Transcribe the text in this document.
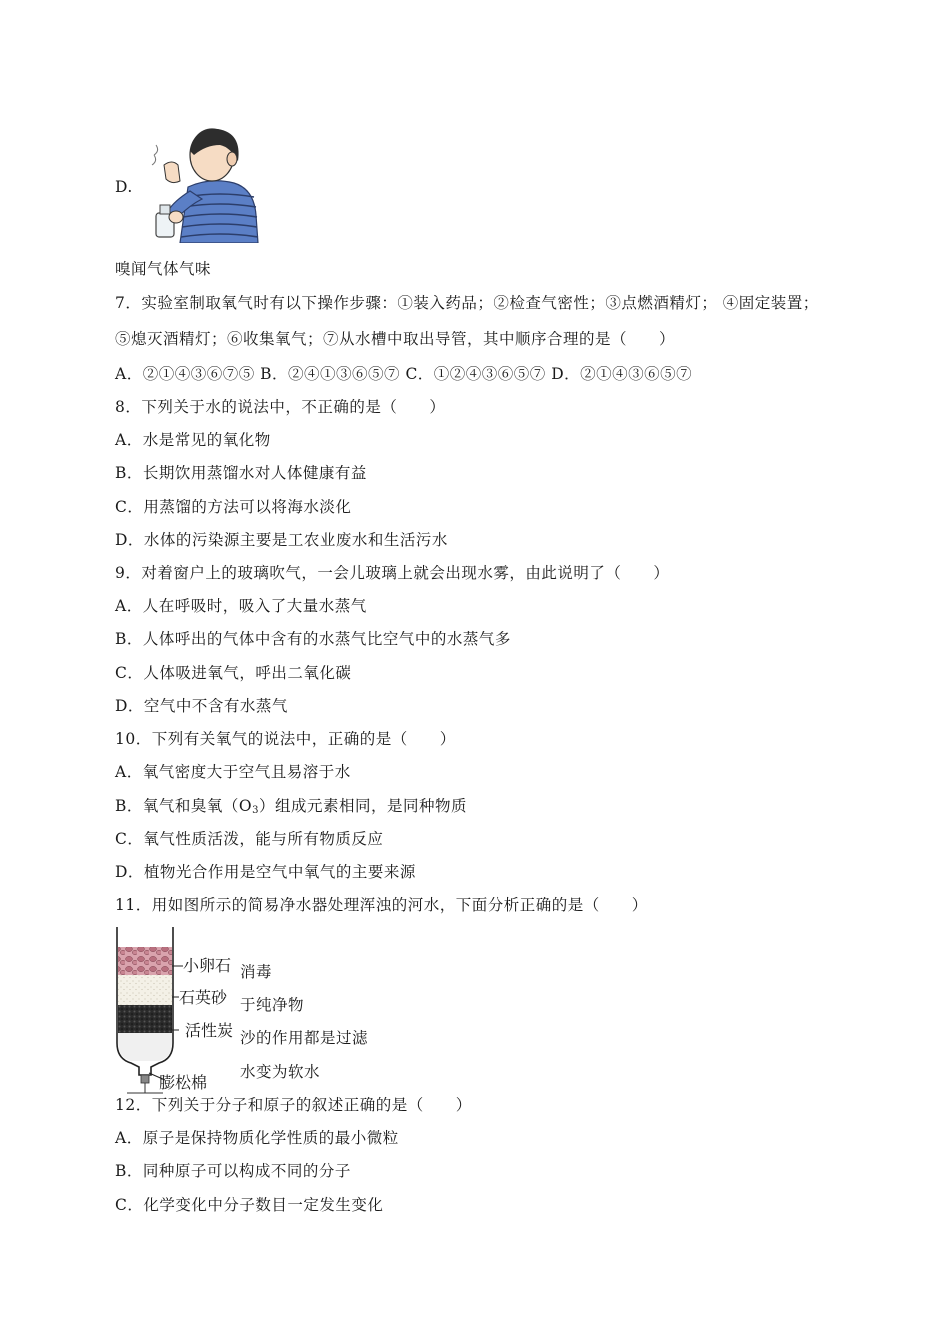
D.
嗅闻气体气味
7．实验室制取氧气时有以下操作步骤：①装入药品；②检查气密性；③点燃酒精灯； ④固定装置；
⑤熄灭酒精灯；⑥收集氧气；⑦从水槽中取出导管，其中顺序合理的是（　　）
A．②①④③⑥⑦⑤ B．②④①③⑥⑤⑦ C．①②④③⑥⑤⑦ D．②①④③⑥⑤⑦
8．下列关于水的说法中，不正确的是（　　）
A．水是常见的氧化物
B．长期饮用蒸馏水对人体健康有益
C．用蒸馏的方法可以将海水淡化
D．水体的污染源主要是工农业废水和生活污水
9．对着窗户上的玻璃吹气，一会儿玻璃上就会出现水雾，由此说明了（　　）
A．人在呼吸时，吸入了大量水蒸气
B．人体呼出的气体中含有的水蒸气比空气中的水蒸气多
C．人体吸进氧气，呼出二氧化碳
D．空气中不含有水蒸气
10．下列有关氧气的说法中，正确的是（　　）
A．氧气密度大于空气且易溶于水
B．氧气和臭氧$(O_3)$组成元素相同，是同种物质
C．氧气性质活泼，能与所有物质反应
D．植物光合作用是空气中氧气的主要来源
11．用如图所示的简易净水器处理浑浊的河水，下面分析正确的是（　　）
消毒
于纯净物
沙的作用都是过滤
水变为软水
小卵石
石英砂
活性炭
膨松棉
12．下列关于分子和原子的叙述正确的是（　　）
A．原子是保持物质化学性质的最小微粒
B．同种原子可以构成不同的分子
C．化学变化中分子数目一定发生变化
